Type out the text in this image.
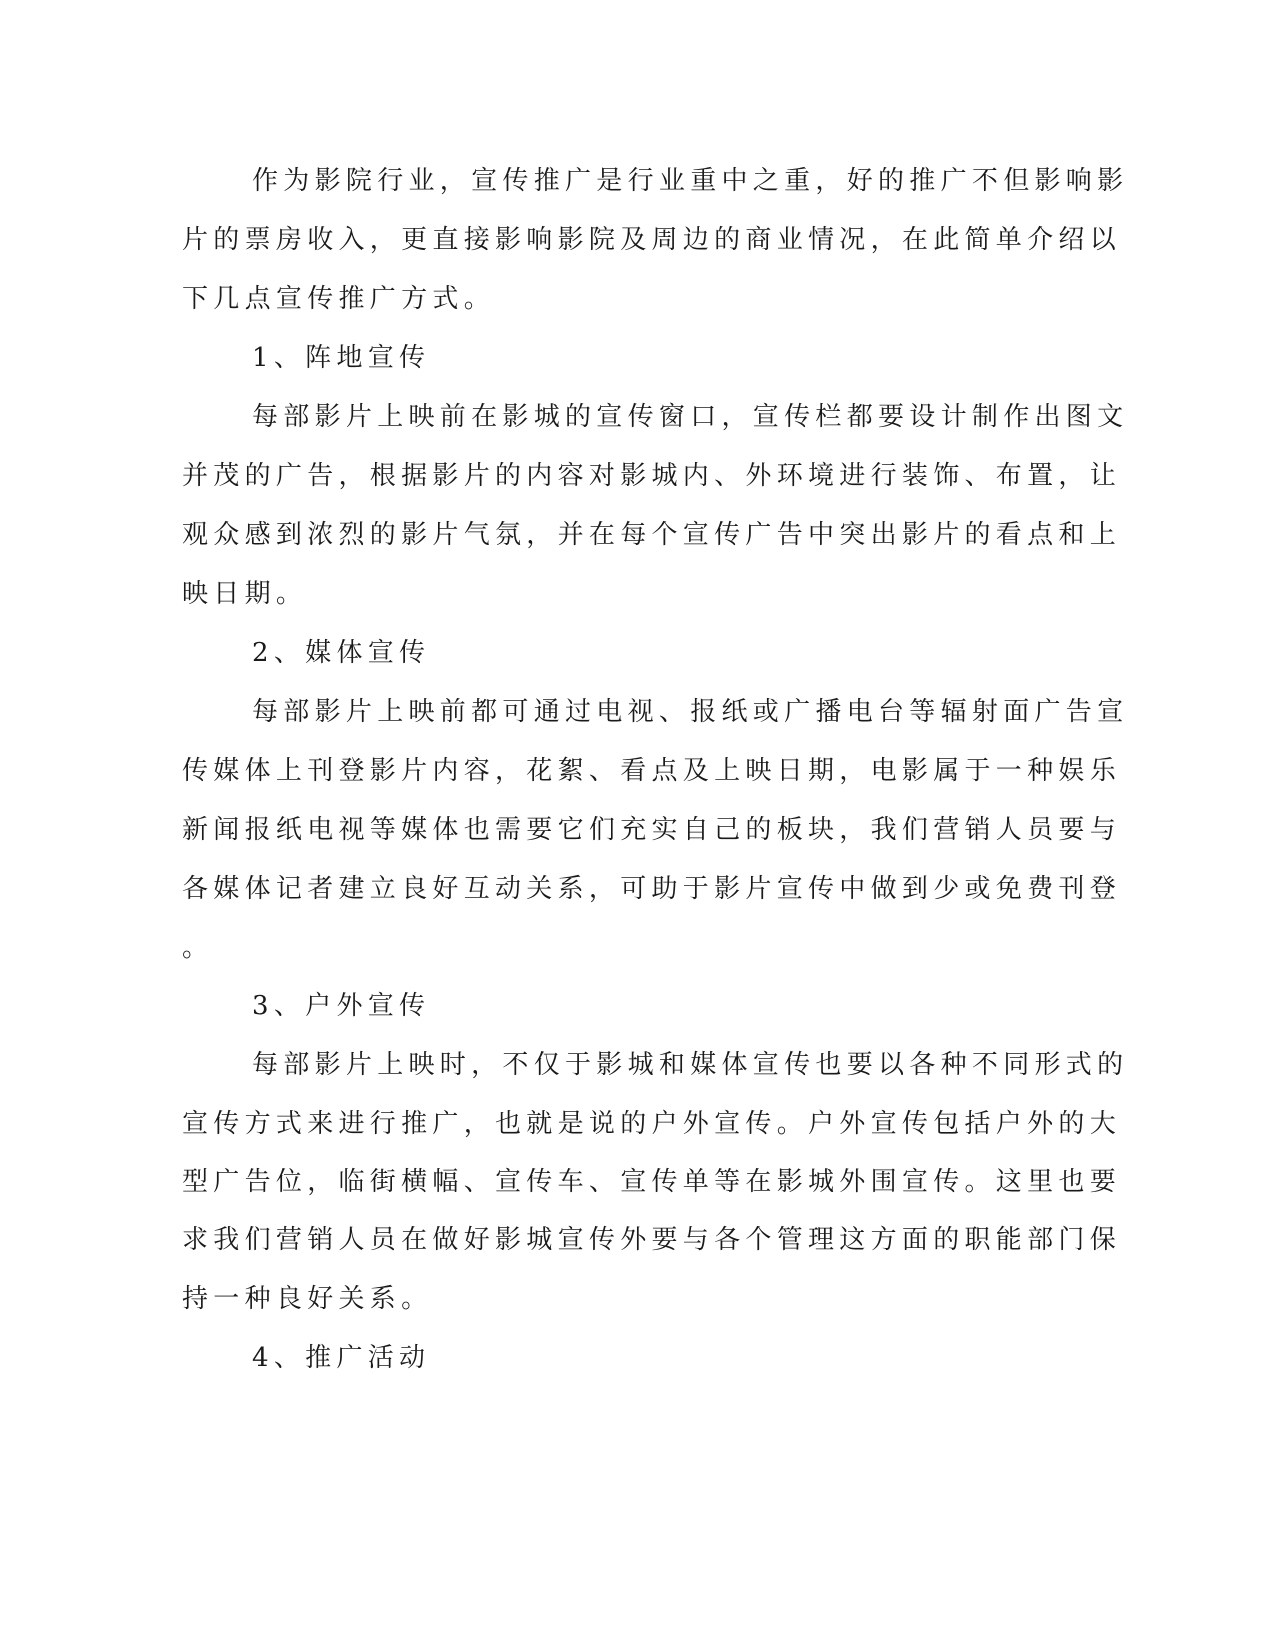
作为影院行业，宣传推广是行业重中之重，好的推广不但影响影

片的票房收入，更直接影响影院及周边的商业情况，在此简单介绍以

下几点宣传推广方式。

1、阵地宣传

每部影片上映前在影城的宣传窗口，宣传栏都要设计制作出图文

并茂的广告，根据影片的内容对影城内、外环境进行装饰、布置，让

观众感到浓烈的影片气氛，并在每个宣传广告中突出影片的看点和上

映日期。

2、媒体宣传

每部影片上映前都可通过电视、报纸或广播电台等辐射面广告宣

传媒体上刊登影片内容，花絮、看点及上映日期，电影属于一种娱乐

新闻报纸电视等媒体也需要它们充实自己的板块，我们营销人员要与

各媒体记者建立良好互动关系，可助于影片宣传中做到少或免费刊登

。

3、户外宣传

每部影片上映时，不仅于影城和媒体宣传也要以各种不同形式的

宣传方式来进行推广，也就是说的户外宣传。户外宣传包括户外的大

型广告位，临街横幅、宣传车、宣传单等在影城外围宣传。这里也要

求我们营销人员在做好影城宣传外要与各个管理这方面的职能部门保

持一种良好关系。

4、推广活动
